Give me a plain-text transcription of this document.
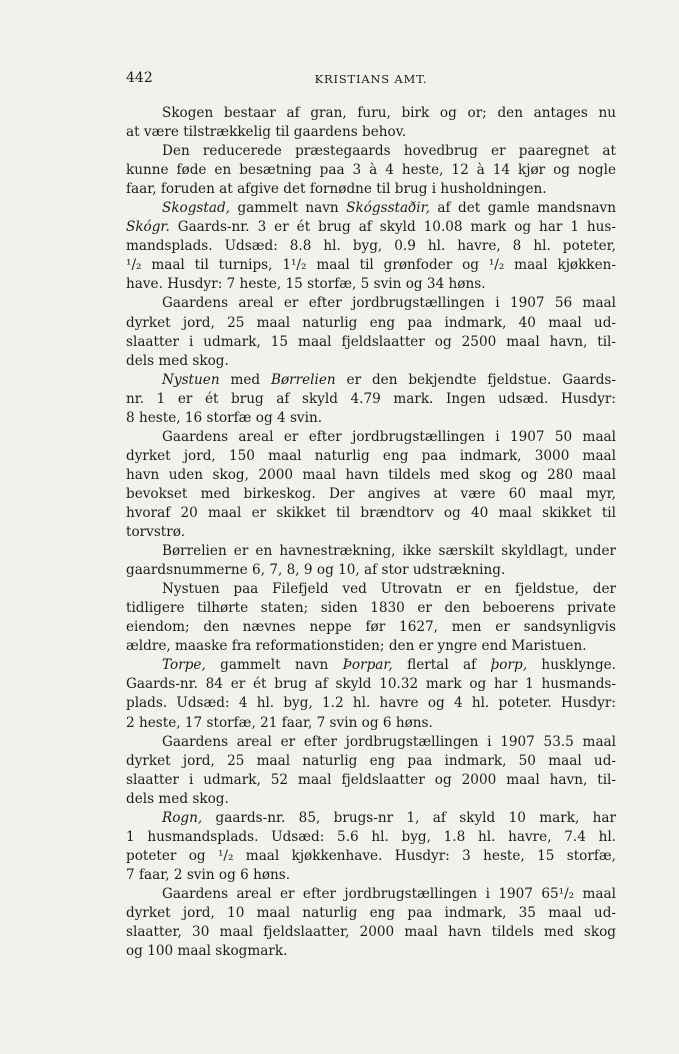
442	KRISTIANS AMT.
Skogen bestaar af gran, furu, birk og or; den antages nu
at være tilstrækkelig til gaardens behov.
Den reducerede præstegaards hovedbrug er paaregnet at
kunne føde en besætning paa 3 à 4 heste, 12 à 14 kjør og nogle
faar, foruden at afgive det fornødne til brug i husholdningen.
Skogstad, gammelt navn Skógsstaðir, af det gamle mandsnavn
Skógr. Gaards-nr. 3 er ét brug af skyld 10.08 mark og har 1 hus-
mandsplads. Udsæd: 8.8 hl. byg, 0.9 hl. havre, 8 hl. poteter,
¹/₂ maal til turnips, 1¹/₂ maal til grønfoder og ¹/₂ maal kjøkken-
have. Husdyr: 7 heste, 15 storfæ, 5 svin og 34 høns.
Gaardens areal er efter jordbrugstællingen i 1907 56 maal
dyrket jord, 25 maal naturlig eng paa indmark, 40 maal ud-
slaatter i udmark, 15 maal fjeldslaatter og 2500 maal havn, til-
dels med skog.
Nystuen med Børrelien er den bekjendte fjeldstue. Gaards-
nr. 1 er ét brug af skyld 4.79 mark. Ingen udsæd. Husdyr:
8 heste, 16 storfæ og 4 svin.
Gaardens areal er efter jordbrugstællingen i 1907 50 maal
dyrket jord, 150 maal naturlig eng paa indmark, 3000 maal
havn uden skog, 2000 maal havn tildels med skog og 280 maal
bevokset med birkeskog. Der angives at være 60 maal myr,
hvoraf 20 maal er skikket til brændtorv og 40 maal skikket til
torvstrø.
Børrelien er en havnestrækning, ikke særskilt skyldlagt, under
gaardsnummerne 6, 7, 8, 9 og 10, af stor udstrækning.
Nystuen paa Filefjeld ved Utrovatn er en fjeldstue, der
tidligere tilhørte staten; siden 1830 er den beboerens private
eiendom; den nævnes neppe før 1627, men er sandsynligvis
ældre, maaske fra reformationstiden; den er yngre end Maristuen.
Torpe, gammelt navn Þorpar, flertal af þorp, husklynge.
Gaards-nr. 84 er ét brug af skyld 10.32 mark og har 1 husmands-
plads. Udsæd: 4 hl. byg, 1.2 hl. havre og 4 hl. poteter. Husdyr:
2 heste, 17 storfæ, 21 faar, 7 svin og 6 høns.
Gaardens areal er efter jordbrugstællingen i 1907 53.5 maal
dyrket jord, 25 maal naturlig eng paa indmark, 50 maal ud-
slaatter i udmark, 52 maal fjeldslaatter og 2000 maal havn, til-
dels med skog.
Rogn, gaards-nr. 85, brugs-nr 1, af skyld 10 mark, har
1 husmandsplads. Udsæd: 5.6 hl. byg, 1.8 hl. havre, 7.4 hl.
poteter og ¹/₂ maal kjøkkenhave. Husdyr: 3 heste, 15 storfæ,
7 faar, 2 svin og 6 høns.
Gaardens areal er efter jordbrugstællingen i 1907 65¹/₂ maal
dyrket jord, 10 maal naturlig eng paa indmark, 35 maal ud-
slaatter, 30 maal fjeldslaatter, 2000 maal havn tildels med skog
og 100 maal skogmark.
